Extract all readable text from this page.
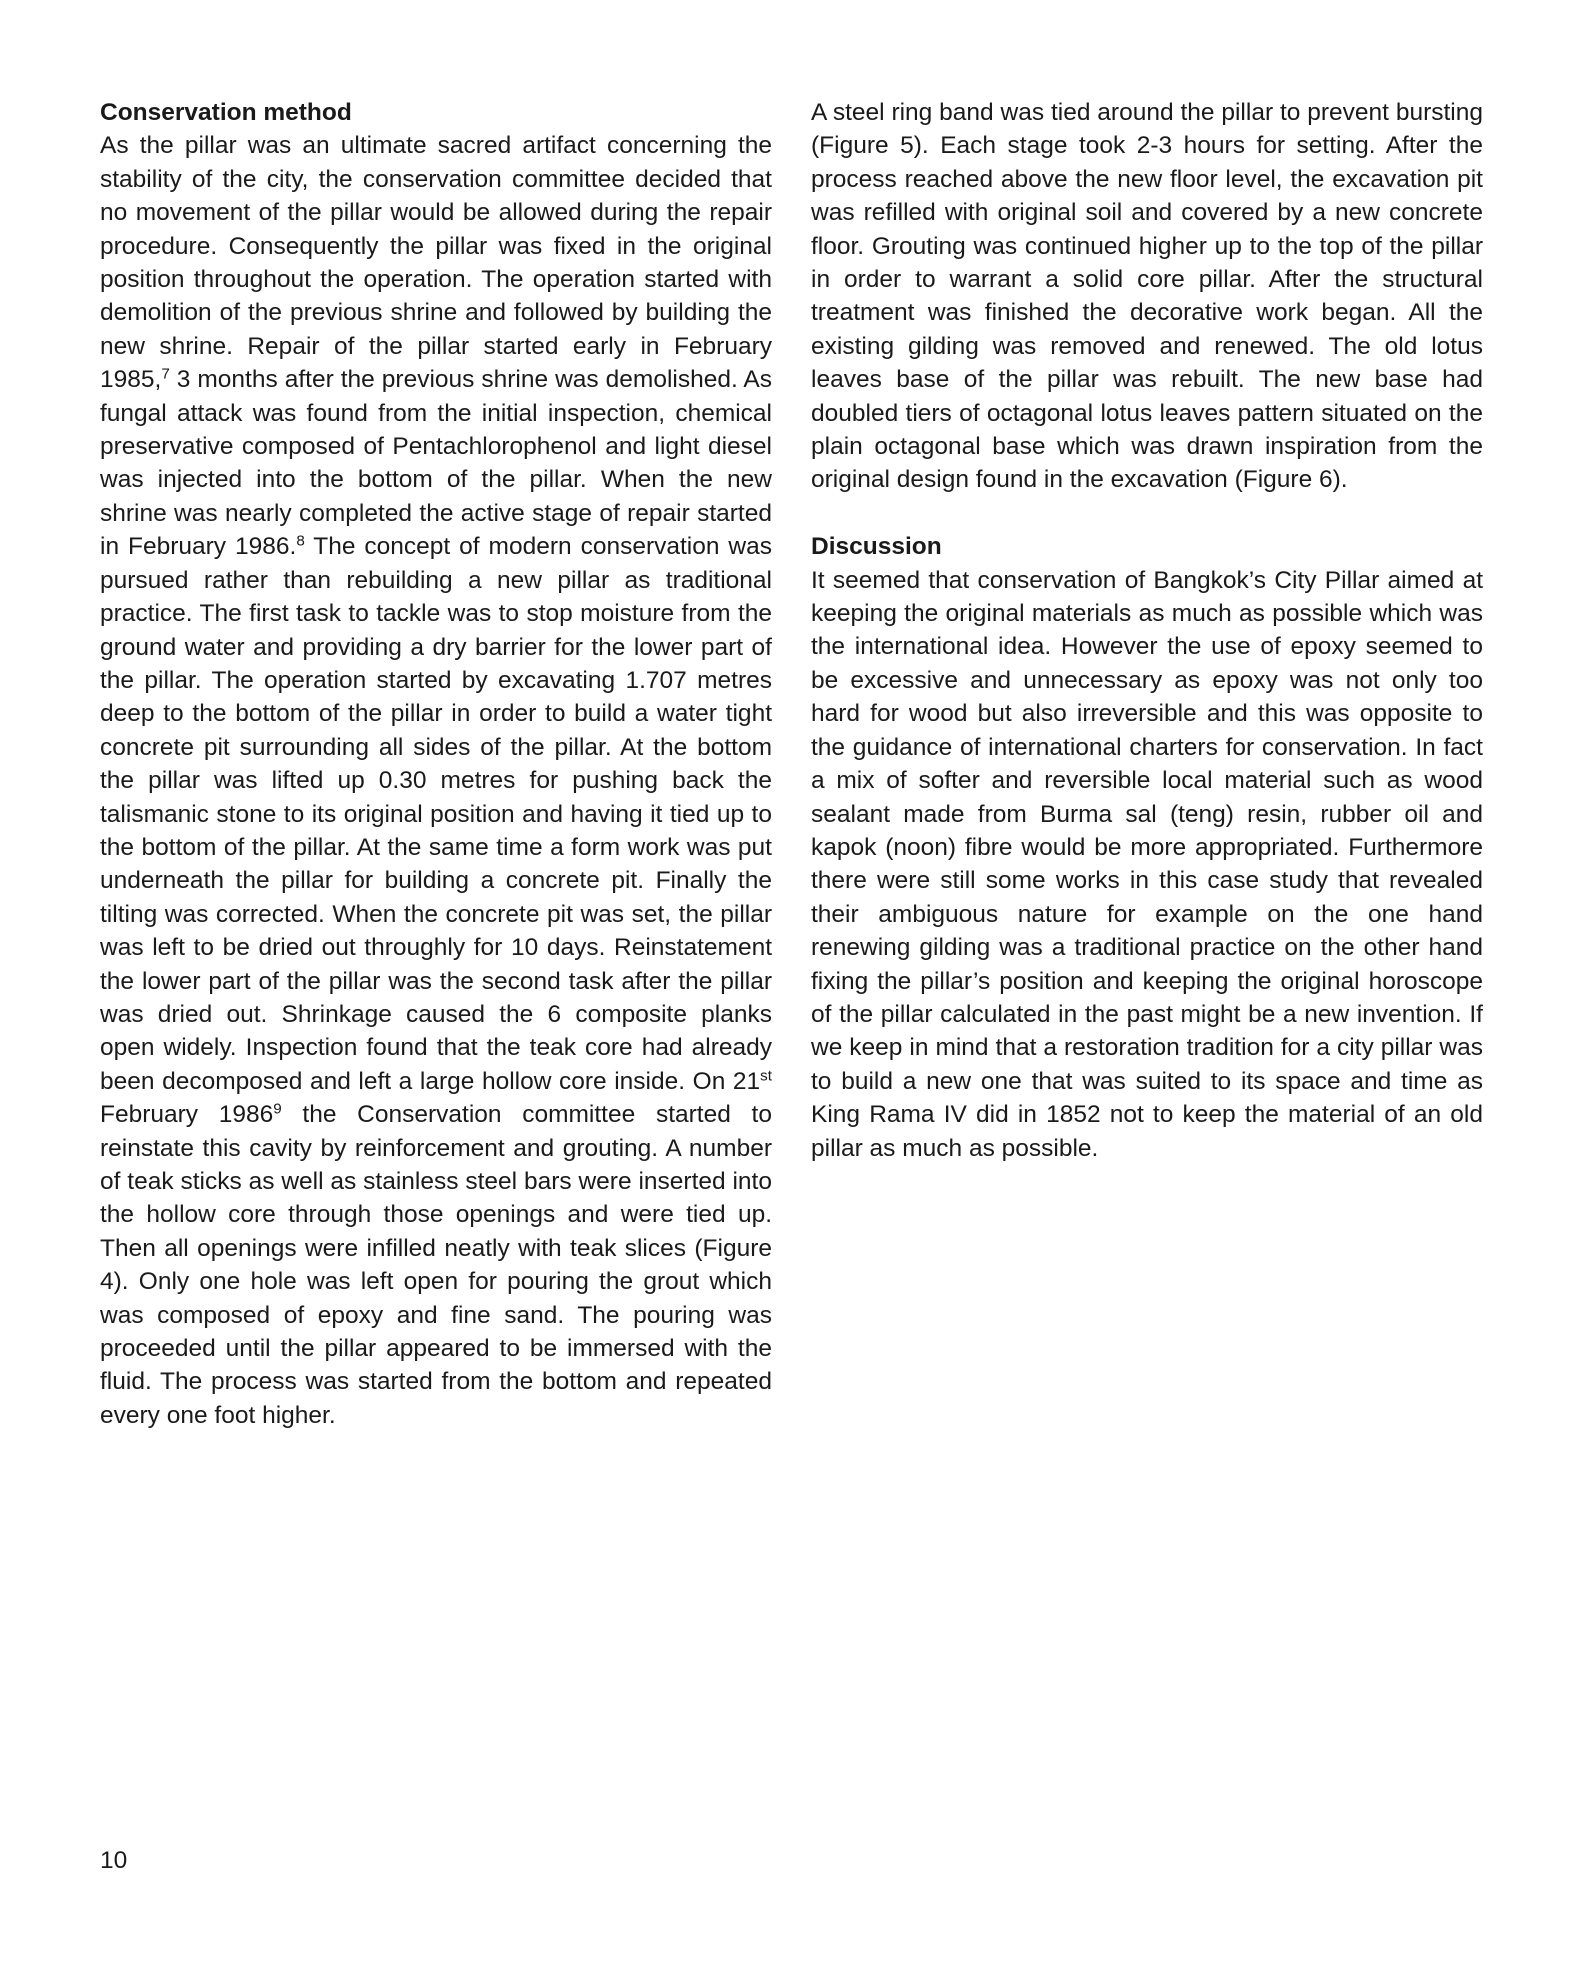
Conservation method

As the pillar was an ultimate sacred artifact concerning the stability of the city, the conservation committee decided that no movement of the pillar would be allowed during the repair procedure. Consequently the pillar was fixed in the original position throughout the operation. The operation started with demolition of the previous shrine and followed by building the new shrine. Repair of the pillar started early in February 1985,$^7$ 3 months after the previous shrine was demolished. As fungal attack was found from the initial inspection, chemical preservative composed of Pentachlorophenol and light diesel was injected into the bottom of the pillar. When the new shrine was nearly completed the active stage of repair started in February 1986.$^8$ The concept of modern conservation was pursued rather than rebuilding a new pillar as traditional practice. The first task to tackle was to stop moisture from the ground water and providing a dry barrier for the lower part of the pillar. The operation started by excavating 1.707 metres deep to the bottom of the pillar in order to build a water tight concrete pit surrounding all sides of the pillar. At the bottom the pillar was lifted up 0.30 metres for pushing back the talismanic stone to its original position and having it tied up to the bottom of the pillar. At the same time a form work was put underneath the pillar for building a concrete pit. Finally the tilting was corrected. When the concrete pit was set, the pillar was left to be dried out throughly for 10 days. Reinstatement the lower part of the pillar was the second task after the pillar was dried out. Shrinkage caused the 6 composite planks open widely. Inspection found that the teak core had already been decomposed and left a large hollow core inside. On 21st February 1986$^9$ the Conservation committee started to reinstate this cavity by reinforcement and grouting. A number of teak sticks as well as stainless steel bars were inserted into the hollow core through those openings and were tied up. Then all openings were infilled neatly with teak slices (Figure 4). Only one hole was left open for pouring the grout which was composed of epoxy and fine sand. The pouring was proceeded until the pillar appeared to be immersed with the fluid. The process was started from the bottom and repeated every one foot higher.

A steel ring band was tied around the pillar to prevent bursting (Figure 5). Each stage took 2-3 hours for setting. After the process reached above the new floor level, the excavation pit was refilled with original soil and covered by a new concrete floor. Grouting was continued higher up to the top of the pillar in order to warrant a solid core pillar. After the structural treatment was finished the decorative work began. All the existing gilding was removed and renewed. The old lotus leaves base of the pillar was rebuilt. The new base had doubled tiers of octagonal lotus leaves pattern situated on the plain octagonal base which was drawn inspiration from the original design found in the excavation (Figure 6).

Discussion

It seemed that conservation of Bangkok’s City Pillar aimed at keeping the original materials as much as possible which was the international idea. However the use of epoxy seemed to be excessive and unnecessary as epoxy was not only too hard for wood but also irreversible and this was opposite to the guidance of international charters for conservation. In fact a mix of softer and reversible local material such as wood sealant made from Burma sal (teng) resin, rubber oil and kapok (noon) fibre would be more appropriated. Furthermore there were still some works in this case study that revealed their ambiguous nature for example on the one hand renewing gilding was a traditional practice on the other hand fixing the pillar’s position and keeping the original horoscope of the pillar calculated in the past might be a new invention. If we keep in mind that a restoration tradition for a city pillar was to build a new one that was suited to its space and time as King Rama IV did in 1852 not to keep the material of an old pillar as much as possible.

10
